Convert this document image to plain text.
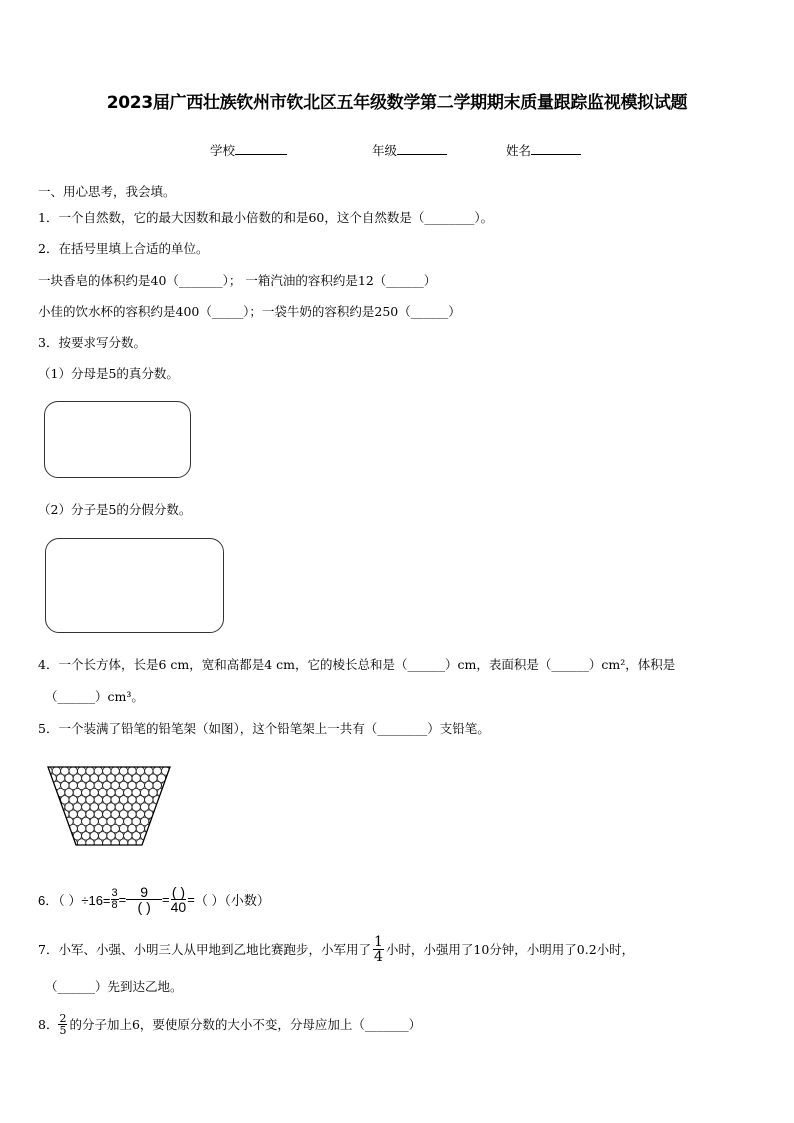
2023届广西壮族钦州市钦北区五年级数学第二学期期末质量跟踪监视模拟试题
学校	年级	姓名
一、用心思考，我会填。
1．一个自然数，它的最大因数和最小倍数的和是60，这个自然数是（________）。
2．在括号里填上合适的单位。
一块香皂的体积约是40（_______）； 一箱汽油的容积约是12（______）
小佳的饮水杯的容积约是400（_____）；一袋牛奶的容积约是250（______）
3．按要求写分数。
（1）分母是5的真分数。
（2）分子是5的分假分数。
4．一个长方体，长是6 cm，宽和高都是4 cm，它的棱长总和是（______）cm，表面积是（______）cm²，体积是
（______）cm³。
5．一个装满了铅笔的铅笔架（如图），这个铅笔架上一共有（________）支铅笔。
6．（ ）$\div 16= \frac{3}{8} = \frac{9}{( )} = \frac{( )}{40}$ = （ ）（小数）
7．小军、小强、小明三人从甲地到乙地比赛跑步，小军用了 $\frac{1}{4}$ 小时，小强用了10分钟，小明用了0.2小时，
（______）先到达乙地。
8． $\frac{2}{5}$ 的分子加上6，要使原分数的大小不变，分母应加上（_______）
